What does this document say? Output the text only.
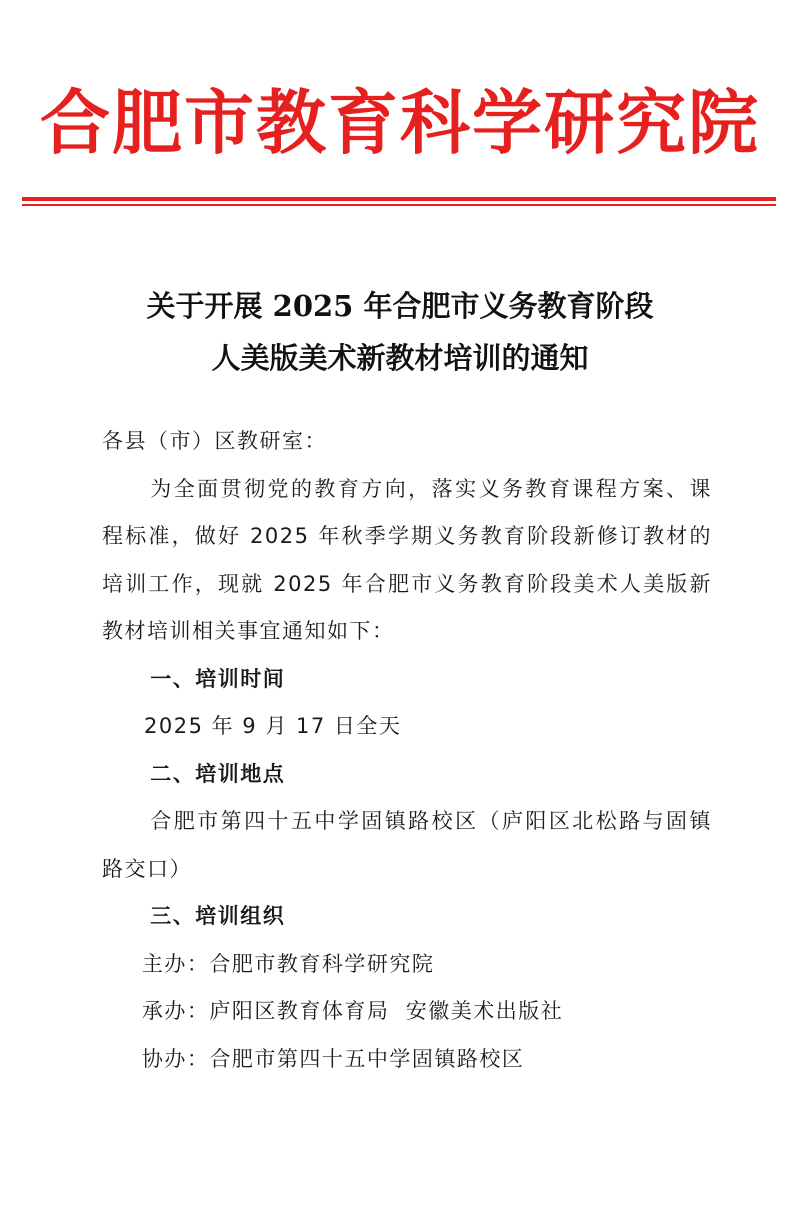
合肥市教育科学研究院
关于开展 2025 年合肥市义务教育阶段
人美版美术新教材培训的通知

各县（市）区教研室：

为全面贯彻党的教育方向，落实义务教育课程方案、课程标准，做好 2025 年秋季学期义务教育阶段新修订教材的培训工作，现就 2025 年合肥市义务教育阶段美术人美版新教材培训相关事宜通知如下：

一、培训时间

2025 年 9 月 17 日全天

二、培训地点

合肥市第四十五中学固镇路校区（庐阳区北松路与固镇路交口）

三、培训组织

主办：合肥市教育科学研究院

承办：庐阳区教育体育局  安徽美术出版社

协办：合肥市第四十五中学固镇路校区
